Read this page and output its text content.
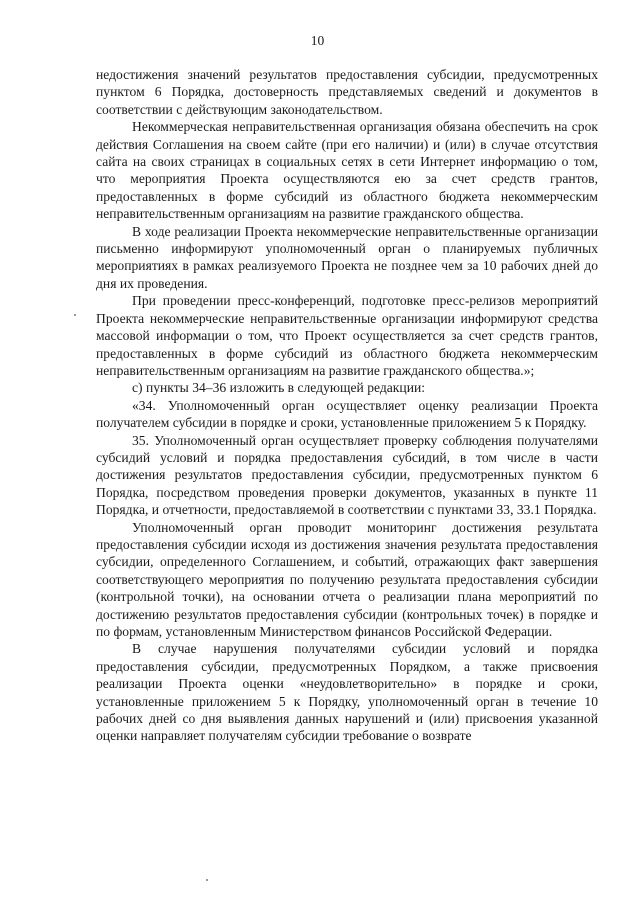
10

недостижения значений результатов предоставления субсидии, предусмотренных пунктом 6 Порядка, достоверность представляемых сведений и документов в соответствии с действующим законодательством.

Некоммерческая неправительственная организация обязана обеспечить на срок действия Соглашения на своем сайте (при его наличии) и (или) в случае отсутствия сайта на своих страницах в социальных сетях в сети Интернет информацию о том, что мероприятия Проекта осуществляются ею за счет средств грантов, предоставленных в форме субсидий из областного бюджета некоммерческим неправительственным организациям на развитие гражданского общества.

В ходе реализации Проекта некоммерческие неправительственные организации письменно информируют уполномоченный орган о планируемых публичных мероприятиях в рамках реализуемого Проекта не позднее чем за 10 рабочих дней до дня их проведения.

При проведении пресс-конференций, подготовке пресс-релизов мероприятий Проекта некоммерческие неправительственные организации информируют средства массовой информации о том, что Проект осуществляется за счет средств грантов, предоставленных в форме субсидий из областного бюджета некоммерческим неправительственным организациям на развитие гражданского общества.»;

с) пункты 34–36 изложить в следующей редакции:

«34. Уполномоченный орган осуществляет оценку реализации Проекта получателем субсидии в порядке и сроки, установленные приложением 5 к Порядку.

35. Уполномоченный орган осуществляет проверку соблюдения получателями субсидий условий и порядка предоставления субсидий, в том числе в части достижения результатов предоставления субсидии, предусмотренных пунктом 6 Порядка, посредством проведения проверки документов, указанных в пункте 11 Порядка, и отчетности, предоставляемой в соответствии с пунктами 33, 33.1 Порядка.

Уполномоченный орган проводит мониторинг достижения результата предоставления субсидии исходя из достижения значения результата предоставления субсидии, определенного Соглашением, и событий, отражающих факт завершения соответствующего мероприятия по получению результата предоставления субсидии (контрольной точки), на основании отчета о реализации плана мероприятий по достижению результатов предоставления субсидии (контрольных точек) в порядке и по формам, установленным Министерством финансов Российской Федерации.

В случае нарушения получателями субсидии условий и порядка предоставления субсидии, предусмотренных Порядком, а также присвоения реализации Проекта оценки «неудовлетворительно» в порядке и сроки, установленные приложением 5 к Порядку, уполномоченный орган в течение 10 рабочих дней со дня выявления данных нарушений и (или) присвоения указанной оценки направляет получателям субсидии требование о возврате
